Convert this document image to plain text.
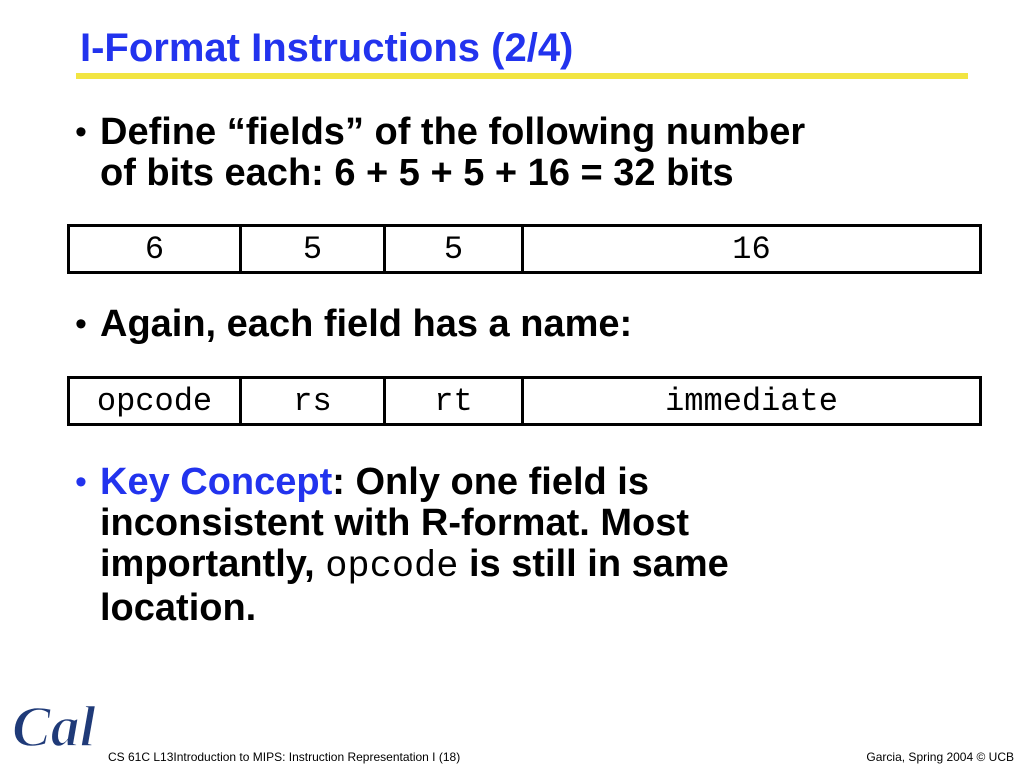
I-Format Instructions (2/4)
• Define “fields” of the following number
of bits each: 6 + 5 + 5 + 16 = 32 bits
6	5	5	16
• Again, each field has a name:
opcode	rs	rt	immediate
• Key Concept: Only one field is
inconsistent with R-format. Most
importantly, opcode is still in same
location.
Cal CS 61C L13Introduction to MIPS: Instruction Representation I (18)	Garcia, Spring 2004 © UCB
